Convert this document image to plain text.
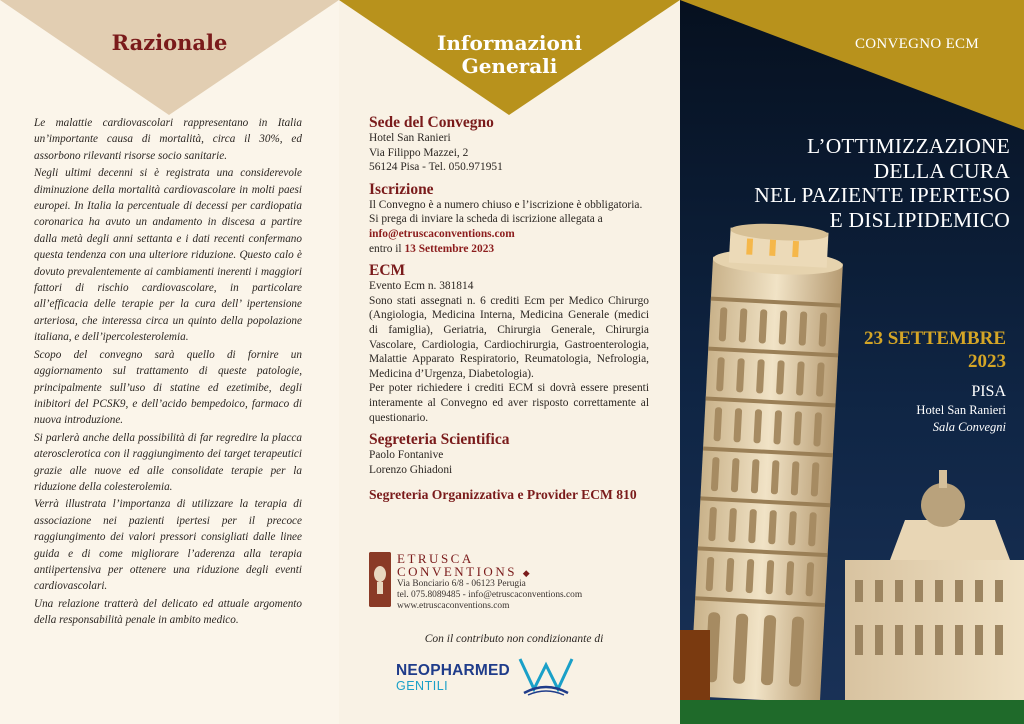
Razionale

Le malattie cardiovascolari rappresentano in Italia un’importante causa di mortalità, circa il 30%, ed assorbono rilevanti risorse socio sanitarie.

Negli ultimi decenni si è registrata una considerevole diminuzione della mortalità cardiovascolare in molti paesi europei. In Italia la percentuale di decessi per cardiopatia coronarica ha avuto un andamento in discesa a partire dalla metà degli anni settanta e i dati recenti confermano questa tendenza con una ulteriore riduzione. Questo calo è dovuto prevalentemente ai cambiamenti inerenti i maggiori fattori di rischio cardiovascolare, in particolare all’efficacia delle terapie per la cura dell’ ipertensione arteriosa, che interessa circa un quinto della popolazione italiana, e dell’ipercolesterolemia.

Scopo del convegno sarà quello di fornire un aggiornamento sul trattamento di queste patologie, principalmente sull’uso di statine ed ezetimibe, degli inibitori del PCSK9, e dell’acido bempedoico, farmaco di nuova introduzione.

Si parlerà anche della possibilità di far regredire la placca aterosclerotica con il raggiungimento dei target terapeutici grazie alle nuove ed alle consolidate terapie per la riduzione della colesterolemia.

Verrà illustrata l’importanza di utilizzare la terapia di associazione nei pazienti ipertesi per il precoce raggiungimento dei valori pressori consigliati dalle linee guida e di come migliorare l’aderenza alla terapia antiipertensiva per ottenere una riduzione degli eventi cardiovascolari.

Una relazione tratterà del delicato ed attuale argomento della responsabilità penale in ambito medico.

Informazioni
Generali
Sede del Convegno
Hotel San Ranieri
Via Filippo Mazzei, 2
56124 Pisa - Tel. 050.971951
Iscrizione
Il Convegno è a numero chiuso e l’iscrizione è obbligatoria.
Si prega di inviare la scheda di iscrizione allegata a info@etruscaconventions.com
entro il 13 Settembre 2023
ECM
Evento Ecm n. 381814
Sono stati assegnati n. 6 crediti Ecm per Medico Chirurgo (Angiologia, Medicina Interna, Medicina Generale (medici di famiglia), Geriatria, Chirurgia Generale, Chirurgia Vascolare, Cardiologia, Cardiochirurgia, Gastroenterologia, Malattie Apparato Respiratorio, Reumatologia, Nefrologia, Medicina d’Urgenza, Diabetologia).
Per poter richiedere i crediti ECM si dovrà essere presenti interamente al Convegno ed aver risposto correttamente al questionario.
Segreteria Scientifica
Paolo Fontanive
Lorenzo Ghiadoni
Segreteria Organizzativa e Provider ECM 810
ETRUSCA
CONVENTIONS ◆
Via Bonciario 6/8 - 06123 Perugia
tel. 075.8089485 - info@etruscaconventions.com
www.etruscaconventions.com
Con il contributo non condizionante di
NEOPHARMED
GENTILI
CONVEGNO ECM
L’OTTIMIZZAZIONE
DELLA CURA
NEL PAZIENTE IPERTESO
E DISLIPIDEMICO
23 SETTEMBRE
2023
PISA
Hotel San Ranieri
Sala Convegni
